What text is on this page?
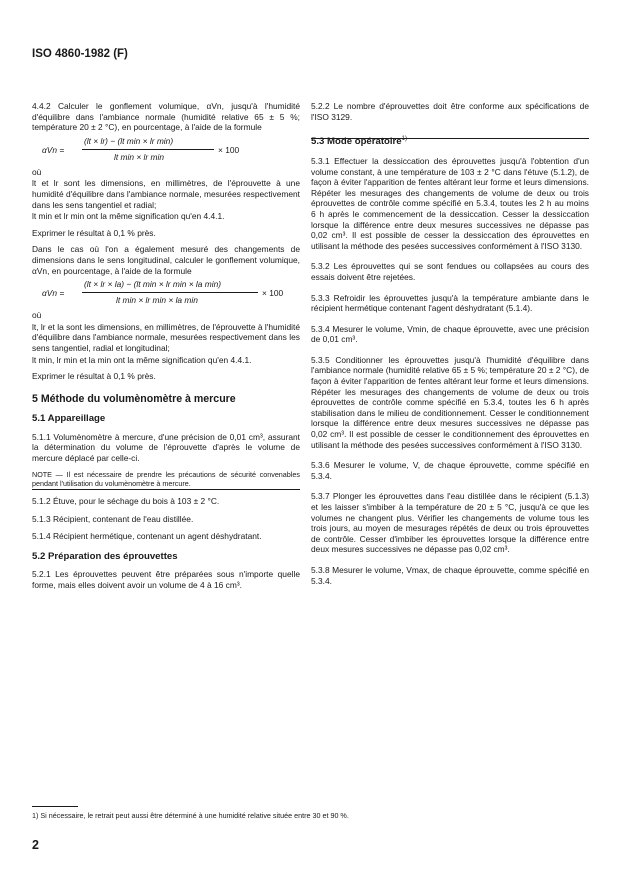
ISO 4860-1982 (F)

4.4.2 Calculer le gonflement volumique, αVn, jusqu'à l'humidité d'équilibre dans l'ambiance normale (humidité relative 65 ± 5 %; température 20 ± 2 °C), en pourcentage, à l'aide de la formule

αVn =
(lt × lr) − (lt min × lr min)
lt min × lr min
× 100

où

lt et lr sont les dimensions, en millimètres, de l'éprouvette à une humidité d'équilibre dans l'ambiance normale, mesurées respectivement dans les sens tangentiel et radial;

lt min et lr min ont la même signification qu'en 4.4.1.

Exprimer le résultat à 0,1 % près.

Dans le cas où l'on a également mesuré des changements de dimensions dans le sens longitudinal, calculer le gonflement volumique, αVn, en pourcentage, à l'aide de la formule

αVn =
(lt × lr × la) − (lt min × lr min × la min)
lt min × lr min × la min
× 100

où

lt, lr et la sont les dimensions, en millimètres, de l'éprouvette à l'humidité d'équilibre dans l'ambiance normale, mesurées respectivement dans les sens tangentiel, radial et longitudinal;

lt min, lr min et la min ont la même signification qu'en 4.4.1.

Exprimer le résultat à 0,1 % près.

5 Méthode du volumènomètre à mercure

5.1 Appareillage

5.1.1 Volumènomètre à mercure, d'une précision de 0,01 cm³, assurant la détermination du volume de l'éprouvette d'après le volume de mercure déplacé par celle-ci.

NOTE — Il est nécessaire de prendre les précautions de sécurité convenables pendant l'utilisation du volumènomètre à mercure.

5.1.2 Étuve, pour le séchage du bois à 103 ± 2 °C.

5.1.3 Récipient, contenant de l'eau distillée.

5.1.4 Récipient hermétique, contenant un agent déshydratant.

5.2 Préparation des éprouvettes

5.2.1 Les éprouvettes peuvent être préparées sous n'importe quelle forme, mais elles doivent avoir un volume de 4 à 16 cm³.

5.2.2 Le nombre d'éprouvettes doit être conforme aux spécifications de l'ISO 3129.

5.3 Mode opératoire$^{1)}$

5.3.1 Effectuer la dessiccation des éprouvettes jusqu'à l'obtention d'un volume constant, à une température de 103 ± 2 °C dans l'étuve (5.1.2), de façon à éviter l'apparition de fentes altérant leur forme et leurs dimensions. Répéter les mesurages des changements de volume de deux ou trois éprouvettes de contrôle comme spécifié en 5.3.4, toutes les 2 h au moins 6 h après le commencement de la dessiccation. Cesser la dessiccation lorsque la différence entre deux mesures successives ne dépasse pas 0,02 cm³. Il est possible de cesser la dessiccation des éprouvettes en utilisant la méthode des pesées successives conformément à l'ISO 3130.

5.3.2 Les éprouvettes qui se sont fendues ou collapsées au cours des essais doivent être rejetées.

5.3.3 Refroidir les éprouvettes jusqu'à la température ambiante dans le récipient hermétique contenant l'agent déshydratant (5.1.4).

5.3.4 Mesurer le volume, Vmin, de chaque éprouvette, avec une précision de 0,01 cm³.

5.3.5 Conditionner les éprouvettes jusqu'à l'humidité d'équilibre dans l'ambiance normale (humidité relative 65 ± 5 %; température 20 ± 2 °C), de façon à éviter l'apparition de fentes altérant leur forme et leurs dimensions. Répéter les mesurages des changements de volume de deux ou trois éprouvettes de contrôle comme spécifié en 5.3.4, toutes les 6 h après stabilisation dans le milieu de conditionnement. Cesser le conditionnement lorsque la différence entre deux mesures successives ne dépasse pas 0,02 cm³. Il est possible de cesser le conditionnement des éprouvettes en utilisant la méthode des pesées successives conformément à l'ISO 3130.

5.3.6 Mesurer le volume, V, de chaque éprouvette, comme spécifié en 5.3.4.

5.3.7 Plonger les éprouvettes dans l'eau distillée dans le récipient (5.1.3) et les laisser s'imbiber à la température de 20 ± 5 °C, jusqu'à ce que les volumes ne changent plus. Vérifier les changements de volume tous les trois jours, au moyen de mesurages répétés de deux ou trois éprouvettes de contrôle. Cesser d'imbiber les éprouvettes lorsque la différence entre deux mesures successives ne dépasse pas 0,02 cm³.

5.3.8 Mesurer le volume, Vmax, de chaque éprouvette, comme spécifié en 5.3.4.

1) Si nécessaire, le retrait peut aussi être déterminé à une humidité relative située entre 30 et 90 %.
2
